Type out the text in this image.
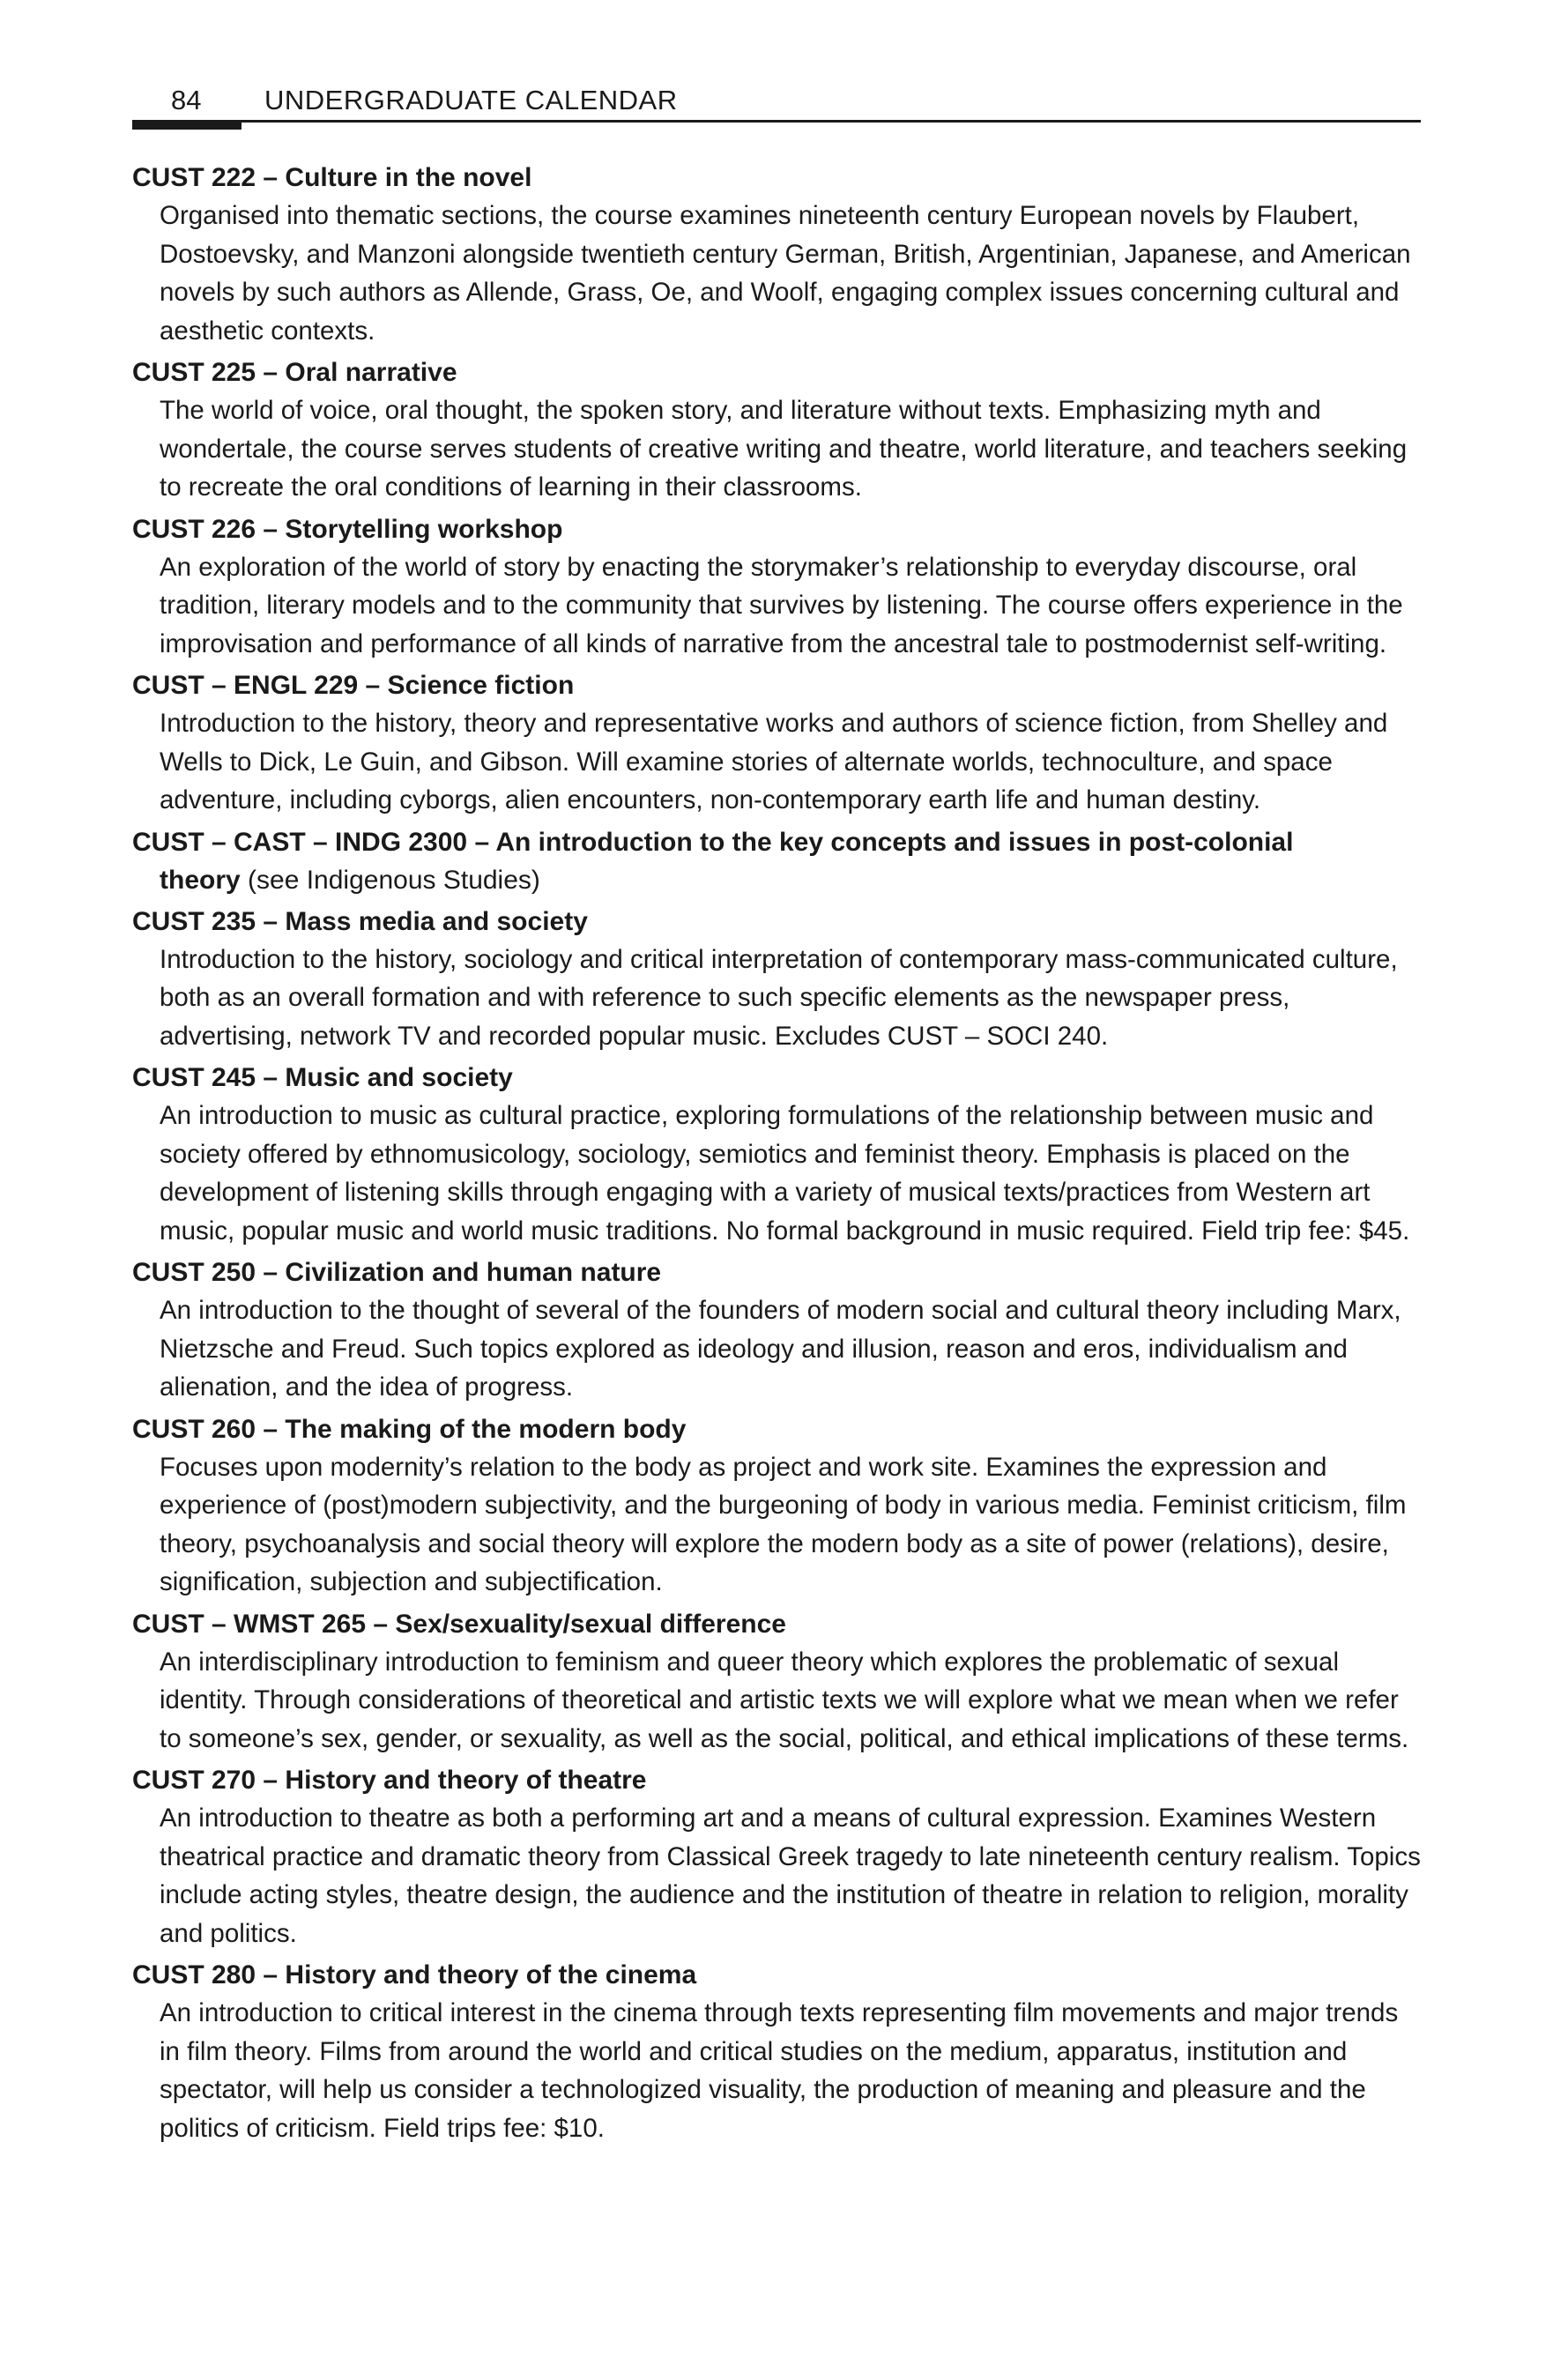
84 UNDERGRADUATE CALENDAR

CUST 222 – Culture in the novel

Organised into thematic sections, the course examines nineteenth century European novels by Flaubert, Dostoevsky, and Manzoni alongside twentieth century German, British, Argentinian, Japanese, and American novels by such authors as Allende, Grass, Oe, and Woolf, engaging complex issues concerning cultural and aesthetic contexts.

CUST 225 – Oral narrative

The world of voice, oral thought, the spoken story, and literature without texts. Emphasizing myth and wondertale, the course serves students of creative writing and theatre, world literature, and teachers seeking to recreate the oral conditions of learning in their classrooms.

CUST 226 – Storytelling workshop

An exploration of the world of story by enacting the storymaker’s relationship to everyday discourse, oral tradition, literary models and to the community that survives by listening. The course offers experience in the improvisation and performance of all kinds of narrative from the ancestral tale to postmodernist self-writing.

CUST – ENGL 229 – Science fiction

Introduction to the history, theory and representative works and authors of science fiction, from Shelley and Wells to Dick, Le Guin, and Gibson. Will examine stories of alternate worlds, technoculture, and space adventure, including cyborgs, alien encounters, non-contemporary earth life and human destiny.

CUST – CAST – INDG 2300 – An introduction to the key concepts and issues in post-colonial
theory (see Indigenous Studies)

CUST 235 – Mass media and society

Introduction to the history, sociology and critical interpretation of contemporary mass-communicated culture, both as an overall formation and with reference to such specific elements as the newspaper press, advertising, network TV and recorded popular music. Excludes CUST – SOCI 240.

CUST 245 – Music and society

An introduction to music as cultural practice, exploring formulations of the relationship between music and society offered by ethnomusicology, sociology, semiotics and feminist theory. Emphasis is placed on the development of listening skills through engaging with a variety of musical texts/practices from Western art music, popular music and world music traditions. No formal background in music required. Field trip fee: $45.

CUST 250 – Civilization and human nature

An introduction to the thought of several of the founders of modern social and cultural theory including Marx, Nietzsche and Freud. Such topics explored as ideology and illusion, reason and eros, individualism and alienation, and the idea of progress.

CUST 260 – The making of the modern body

Focuses upon modernity’s relation to the body as project and work site. Examines the expression and experience of (post)modern subjectivity, and the burgeoning of body in various media. Feminist criticism, film theory, psychoanalysis and social theory will explore the modern body as a site of power (relations), desire, signification, subjection and subjectification.

CUST – WMST 265 – Sex/sexuality/sexual difference

An interdisciplinary introduction to feminism and queer theory which explores the problematic of sexual identity. Through considerations of theoretical and artistic texts we will explore what we mean when we refer to someone’s sex, gender, or sexuality, as well as the social, political, and ethical implications of these terms.

CUST 270 – History and theory of theatre

An introduction to theatre as both a performing art and a means of cultural expression. Examines Western theatrical practice and dramatic theory from Classical Greek tragedy to late nineteenth century realism. Topics include acting styles, theatre design, the audience and the institution of theatre in relation to religion, morality and politics.

CUST 280 – History and theory of the cinema

An introduction to critical interest in the cinema through texts representing film movements and major trends in film theory. Films from around the world and critical studies on the medium, apparatus, institution and spectator, will help us consider a technologized visuality, the production of meaning and pleasure and the politics of criticism. Field trips fee: $10.
